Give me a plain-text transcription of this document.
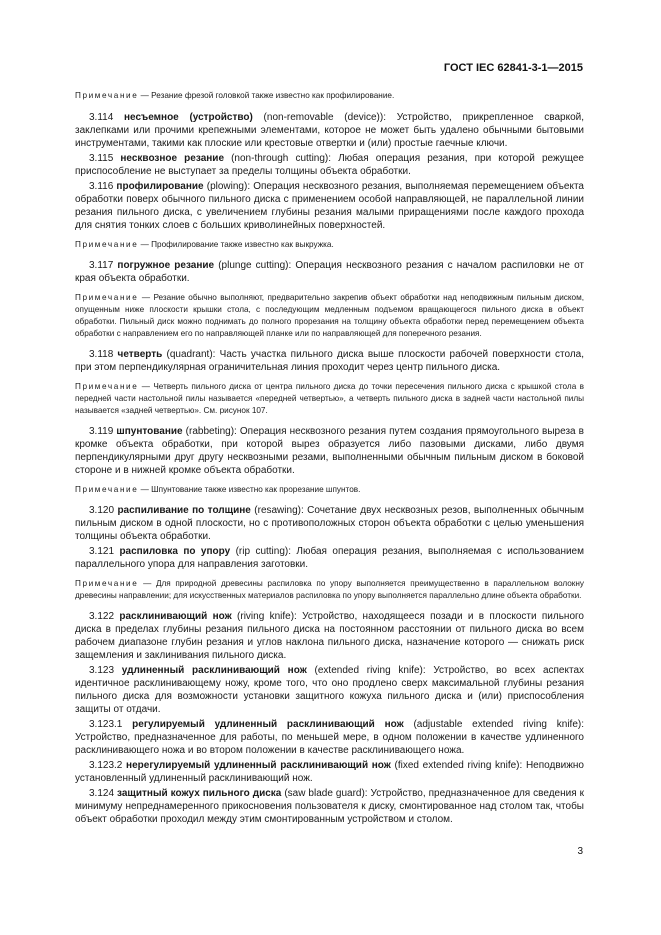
ГОСТ IEC 62841-3-1—2015

Примечание — Резание фрезой головкой также известно как профилирование.

3.114 несъемное (устройство) (non-removable (device)): Устройство, прикрепленное сваркой, заклепками или прочими крепежными элементами, которое не может быть удалено обычными бытовыми инструментами, такими как плоские или крестовые отвертки и (или) простые гаечные ключи.

3.115 несквозное резание (non-through cutting): Любая операция резания, при которой режущее приспособление не выступает за пределы толщины объекта обработки.

3.116 профилирование (plowing): Операция несквозного резания, выполняемая перемещением объекта обработки поверх обычного пильного диска с применением особой направляющей, не параллельной линии резания пильного диска, с увеличением глубины резания малыми приращениями после каждого прохода для снятия тонких слоев с больших криволинейных поверхностей.

Примечание — Профилирование также известно как выкружка.

3.117 погружное резание (plunge cutting): Операция несквозного резания с началом распиловки не от края объекта обработки.

Примечание — Резание обычно выполняют, предварительно закрепив объект обработки над неподвижным пильным диском, опущенным ниже плоскости крышки стола, с последующим медленным подъемом вращающегося пильного диска в объект обработки. Пильный диск можно поднимать до полного прорезания на толщину объекта обработки перед перемещением объекта обработки с направлением его по направляющей планке или по направляющей для поперечного резания.

3.118 четверть (quadrant): Часть участка пильного диска выше плоскости рабочей поверхности стола, при этом перпендикулярная ограничительная линия проходит через центр пильного диска.

Примечание — Четверть пильного диска от центра пильного диска до точки пересечения пильного диска с крышкой стола в передней части настольной пилы называется «передней четвертью», а четверть пильного диска в задней части настольной пилы называется «задней четвертью». См. рисунок 107.

3.119 шпунтование (rabbeting): Операция несквозного резания путем создания прямоугольного выреза в кромке объекта обработки, при которой вырез образуется либо пазовыми дисками, либо двумя перпендикулярными друг другу несквозными резами, выполненными обычным пильным диском в боковой стороне и в нижней кромке объекта обработки.

Примечание — Шпунтование также известно как прорезание шпунтов.

3.120 распиливание по толщине (resawing): Сочетание двух несквозных резов, выполненных обычным пильным диском в одной плоскости, но с противоположных сторон объекта обработки с целью уменьшения толщины объекта обработки.

3.121 распиловка по упору (rip cutting): Любая операция резания, выполняемая с использованием параллельного упора для направления заготовки.

Примечание — Для природной древесины распиловка по упору выполняется преимущественно в параллельном волокну древесины направлении; для искусственных материалов распиловка по упору выполняется параллельно длине объекта обработки.

3.122 расклинивающий нож (riving knife): Устройство, находящееся позади и в плоскости пильного диска в пределах глубины резания пильного диска на постоянном расстоянии от пильного диска во всем рабочем диапазоне глубин резания и углов наклона пильного диска, назначение которого — снижать риск защемления и заклинивания пильного диска.

3.123 удлиненный расклинивающий нож (extended riving knife): Устройство, во всех аспектах идентичное расклинивающему ножу, кроме того, что оно продлено сверх максимальной глубины резания пильного диска для возможности установки защитного кожуха пильного диска и (или) приспособления защиты от отдачи.

3.123.1 регулируемый удлиненный расклинивающий нож (adjustable extended riving knife): Устройство, предназначенное для работы, по меньшей мере, в одном положении в качестве удлиненного расклинивающего ножа и во втором положении в качестве расклинивающего ножа.

3.123.2 нерегулируемый удлиненный расклинивающий нож (fixed extended riving knife): Неподвижно установленный удлиненный расклинивающий нож.

3.124 защитный кожух пильного диска (saw blade guard): Устройство, предназначенное для сведения к минимуму непреднамеренного прикосновения пользователя к диску, смонтированное над столом так, чтобы объект обработки проходил между этим смонтированным устройством и столом.

3
